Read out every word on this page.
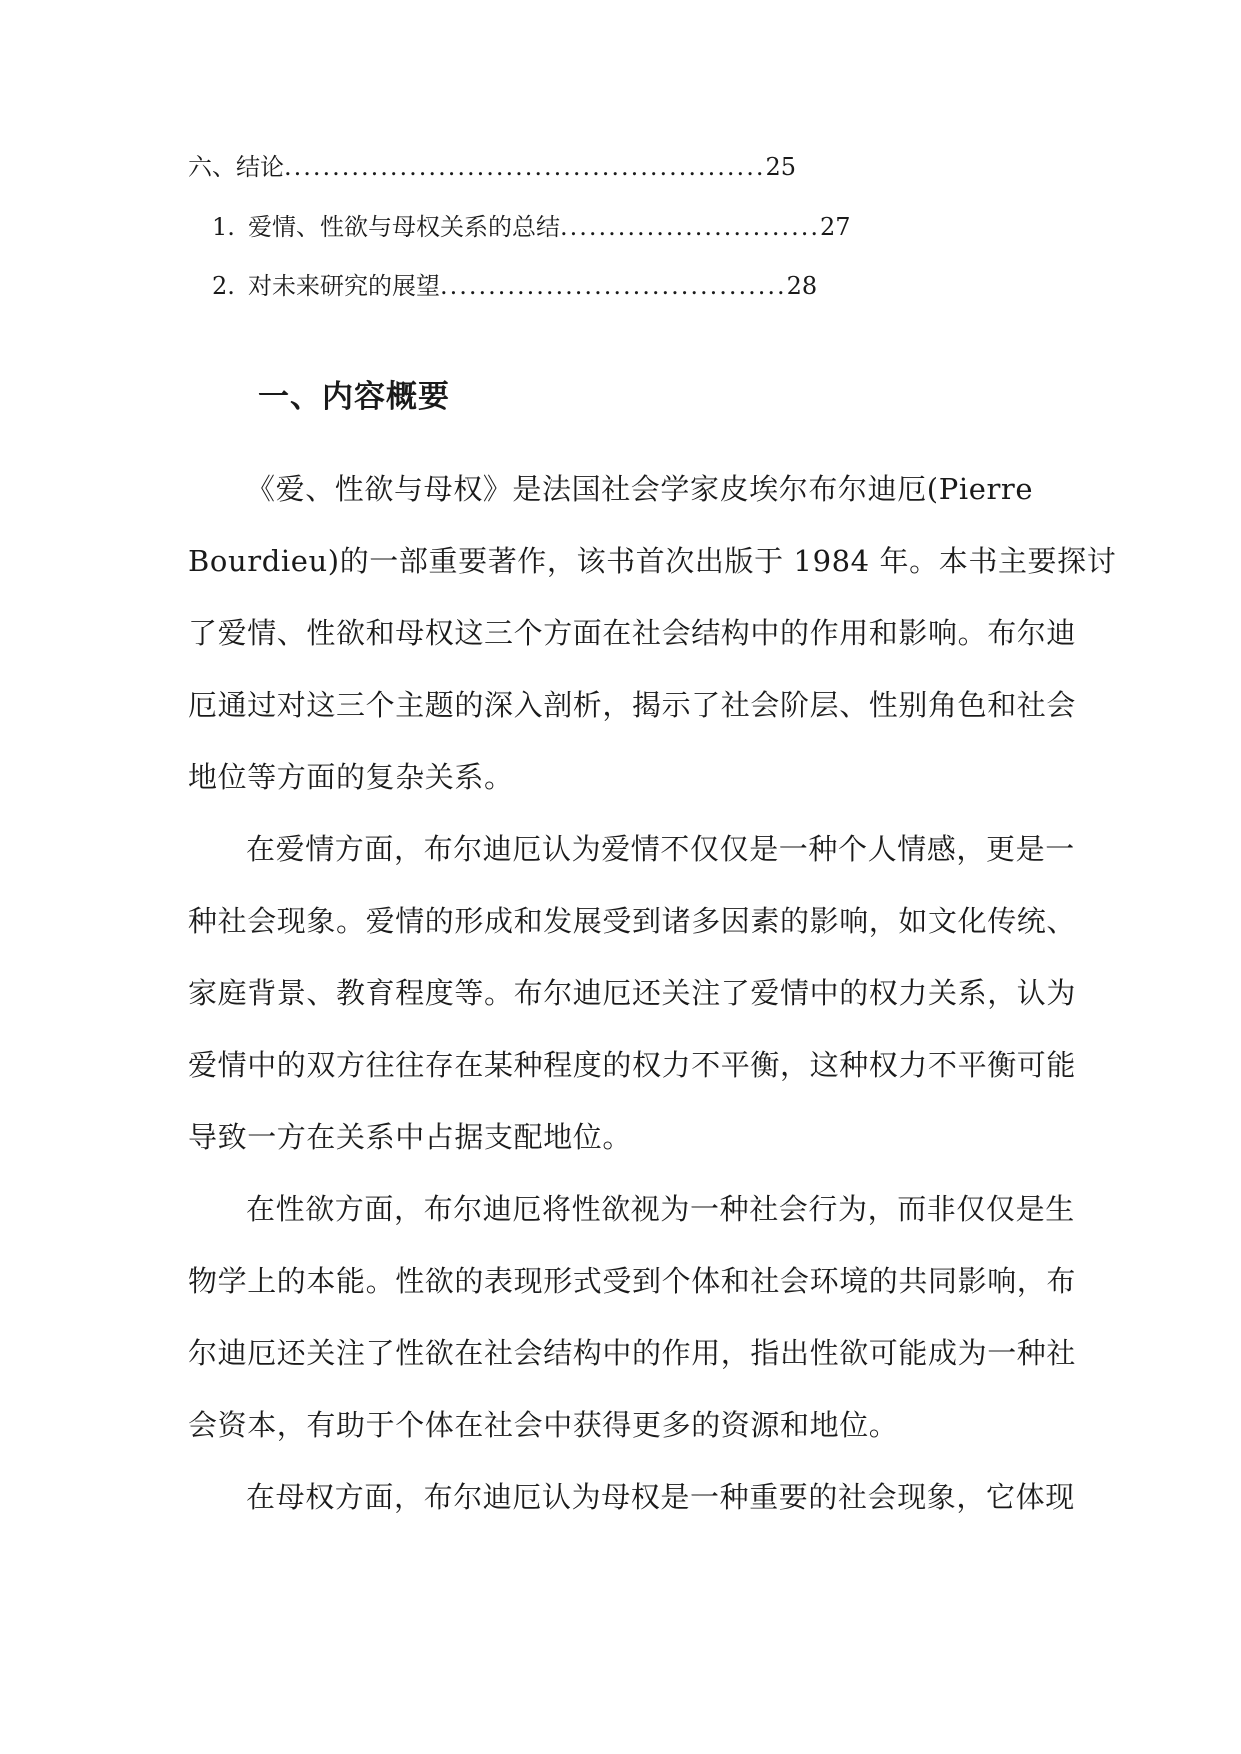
六、结论..................................................25
1. 爱情、性欲与母权关系的总结...........................27
2. 对未来研究的展望....................................28
一、内容概要
《爱、性欲与母权》是法国社会学家皮埃尔布尔迪厄(Pierre
Bourdieu)的一部重要著作，该书首次出版于 1984 年。本书主要探讨
了爱情、性欲和母权这三个方面在社会结构中的作用和影响。布尔迪
厄通过对这三个主题的深入剖析，揭示了社会阶层、性别角色和社会
地位等方面的复杂关系。
在爱情方面，布尔迪厄认为爱情不仅仅是一种个人情感，更是一
种社会现象。爱情的形成和发展受到诸多因素的影响，如文化传统、
家庭背景、教育程度等。布尔迪厄还关注了爱情中的权力关系，认为
爱情中的双方往往存在某种程度的权力不平衡，这种权力不平衡可能
导致一方在关系中占据支配地位。
在性欲方面，布尔迪厄将性欲视为一种社会行为，而非仅仅是生
物学上的本能。性欲的表现形式受到个体和社会环境的共同影响，布
尔迪厄还关注了性欲在社会结构中的作用，指出性欲可能成为一种社
会资本，有助于个体在社会中获得更多的资源和地位。
在母权方面，布尔迪厄认为母权是一种重要的社会现象，它体现
